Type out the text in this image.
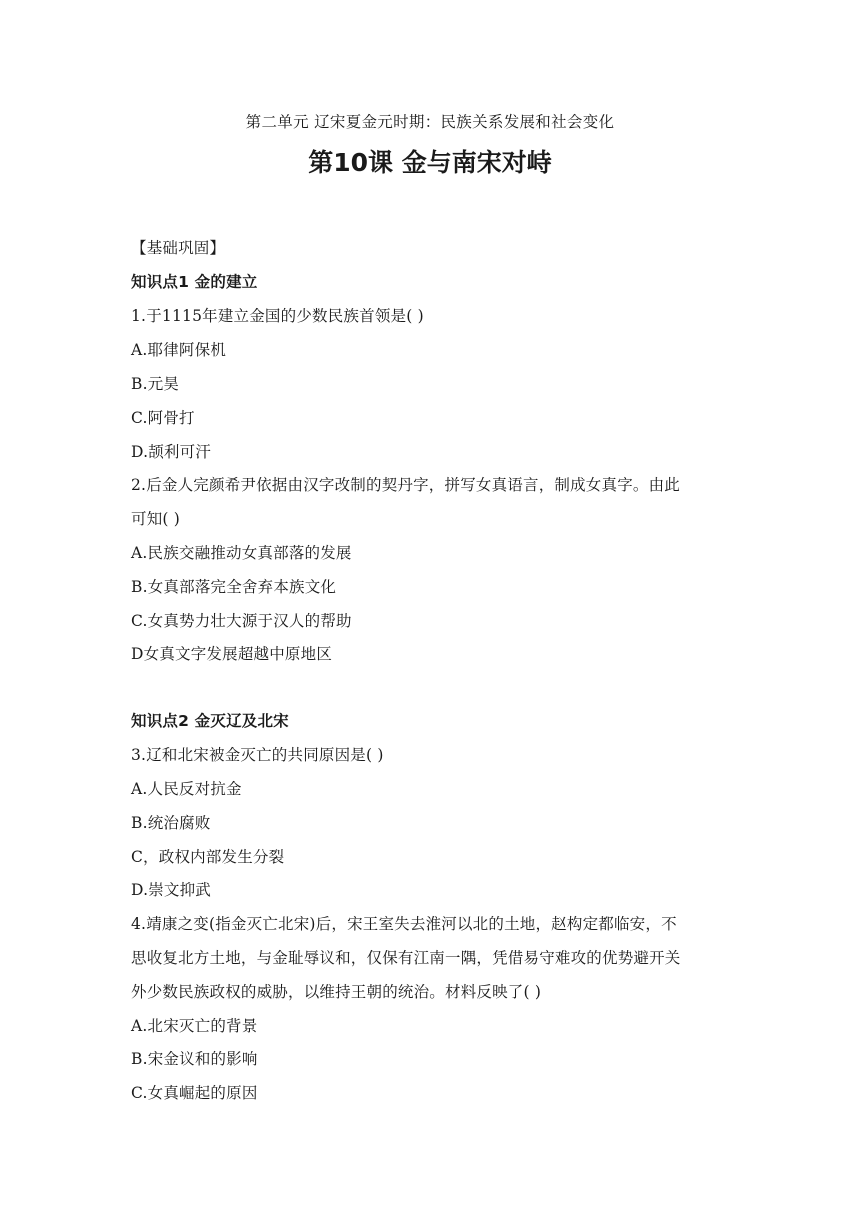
第二单元 辽宋夏金元时期：民族关系发展和社会变化
第10课 金与南宋对峙
【基础巩固】
知识点1 金的建立
1.于1115年建立金国的少数民族首领是( )
A.耶律阿保机
B.元昊
C.阿骨打
D.颉利可汗
2.后金人完颜希尹依据由汉字改制的契丹字，拼写女真语言，制成女真字。由此
可知( )
A.民族交融推动女真部落的发展
B.女真部落完全舍弃本族文化
C.女真势力壮大源于汉人的帮助
D女真文字发展超越中原地区
知识点2 金灭辽及北宋
3.辽和北宋被金灭亡的共同原因是( )
A.人民反对抗金
B.统治腐败
C，政权内部发生分裂
D.崇文抑武
4.靖康之变(指金灭亡北宋)后，宋王室失去淮河以北的土地，赵构定都临安，不
思收复北方土地，与金耻辱议和，仅保有江南一隅，凭借易守难攻的优势避开关
外少数民族政权的威胁，以维持王朝的统治。材料反映了( )
A.北宋灭亡的背景
B.宋金议和的影响
C.女真崛起的原因
